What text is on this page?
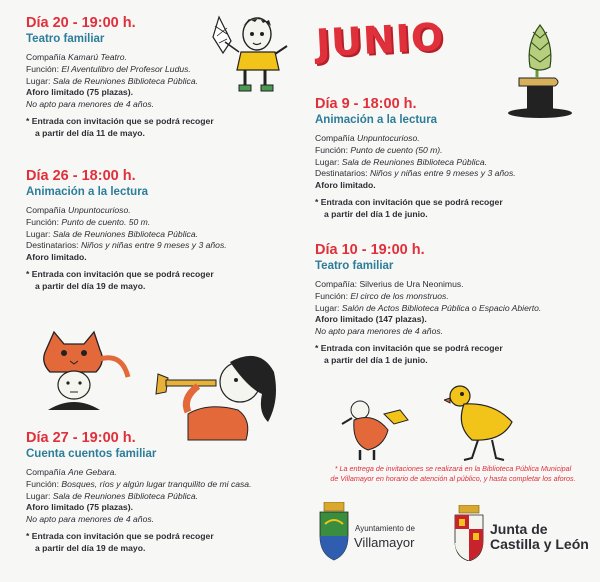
Día 20 - 19:00 h.
Teatro familiar

Compañía Kamarú Teatro.

Función: El Aventulibro del Profesor Ludus.

Lugar: Sala de Reuniones Biblioteca Pública.

Aforo limitado (75 plazas).

No apto para menores de 4 años.

* Entrada con invitación que se podrá recoger

a partir del día 11 de mayo.

Día 26 - 18:00 h.
Animación a la lectura

Compañía Unpuntocurioso.

Función: Punto de cuento. 50 m.

Lugar: Sala de Reuniones Biblioteca Pública.

Destinatarios: Niños y niñas entre 9 meses y 3 años.

Aforo limitado.

* Entrada con invitación que se podrá recoger

a partir del día 19 de mayo.

Día 27 - 19:00 h.
Cuenta cuentos familiar

Compañía Ane Gebara.

Función: Bosques, ríos y algún lugar tranquilito de mi casa.

Lugar: Sala de Reuniones Biblioteca Pública.

Aforo limitado (75 plazas).

No apto para menores de 4 años.

* Entrada con invitación que se podrá recoger

a partir del día 19 de mayo.

JUNIO
Día 9 - 18:00 h.
Animación a la lectura

Compañía Unpuntocurioso.

Función: Punto de cuento (50 m).

Lugar: Sala de Reuniones Biblioteca Pública.

Destinatarios: Niños y niñas entre 9 meses y 3 años.

Aforo limitado.

* Entrada con invitación que se podrá recoger

a partir del día 1 de junio.

Día 10 - 19:00 h.
Teatro familiar

Compañía: Silverius de Ura Neonimus.

Función: El circo de los monstruos.

Lugar: Salón de Actos Biblioteca Pública o Espacio Abierto.

Aforo limitado (147 plazas).

No apto para menores de 4 años.

* Entrada con invitación que se podrá recoger

a partir del día 1 de junio.

* La entrega de invitaciones se realizará en la Biblioteca Pública Municipal
de Villamayor en horario de atención al público, y hasta completar los aforos.
Ayuntamiento de
Villamayor
Junta de
Castilla y León
